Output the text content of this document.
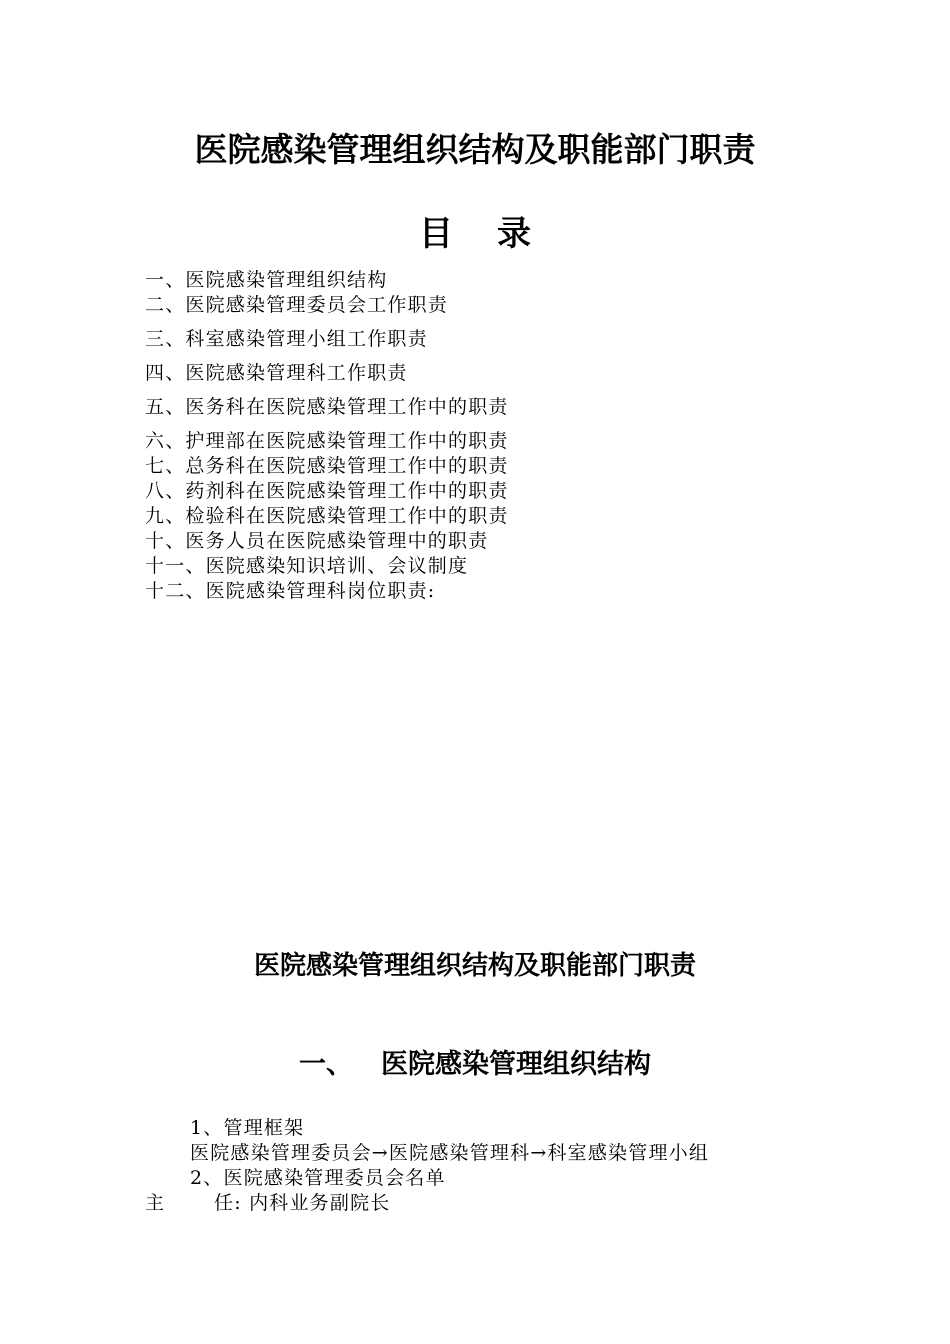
医院感染管理组织结构及职能部门职责
目录
一、医院感染管理组织结构
二、医院感染管理委员会工作职责
三、科室感染管理小组工作职责
四、医院感染管理科工作职责
五、医务科在医院感染管理工作中的职责
六、护理部在医院感染管理工作中的职责
七、总务科在医院感染管理工作中的职责
八、药剂科在医院感染管理工作中的职责
九、检验科在医院感染管理工作中的职责
十、医务人员在医院感染管理中的职责
十一、医院感染知识培训、会议制度
十二、医院感染管理科岗位职责:
医院感染管理组织结构及职能部门职责
一、 医院感染管理组织结构
1、管理框架
医院感染管理委员会→医院感染管理科→科室感染管理小组
2、医院感染管理委员会名单
主	任: 内科业务副院长
